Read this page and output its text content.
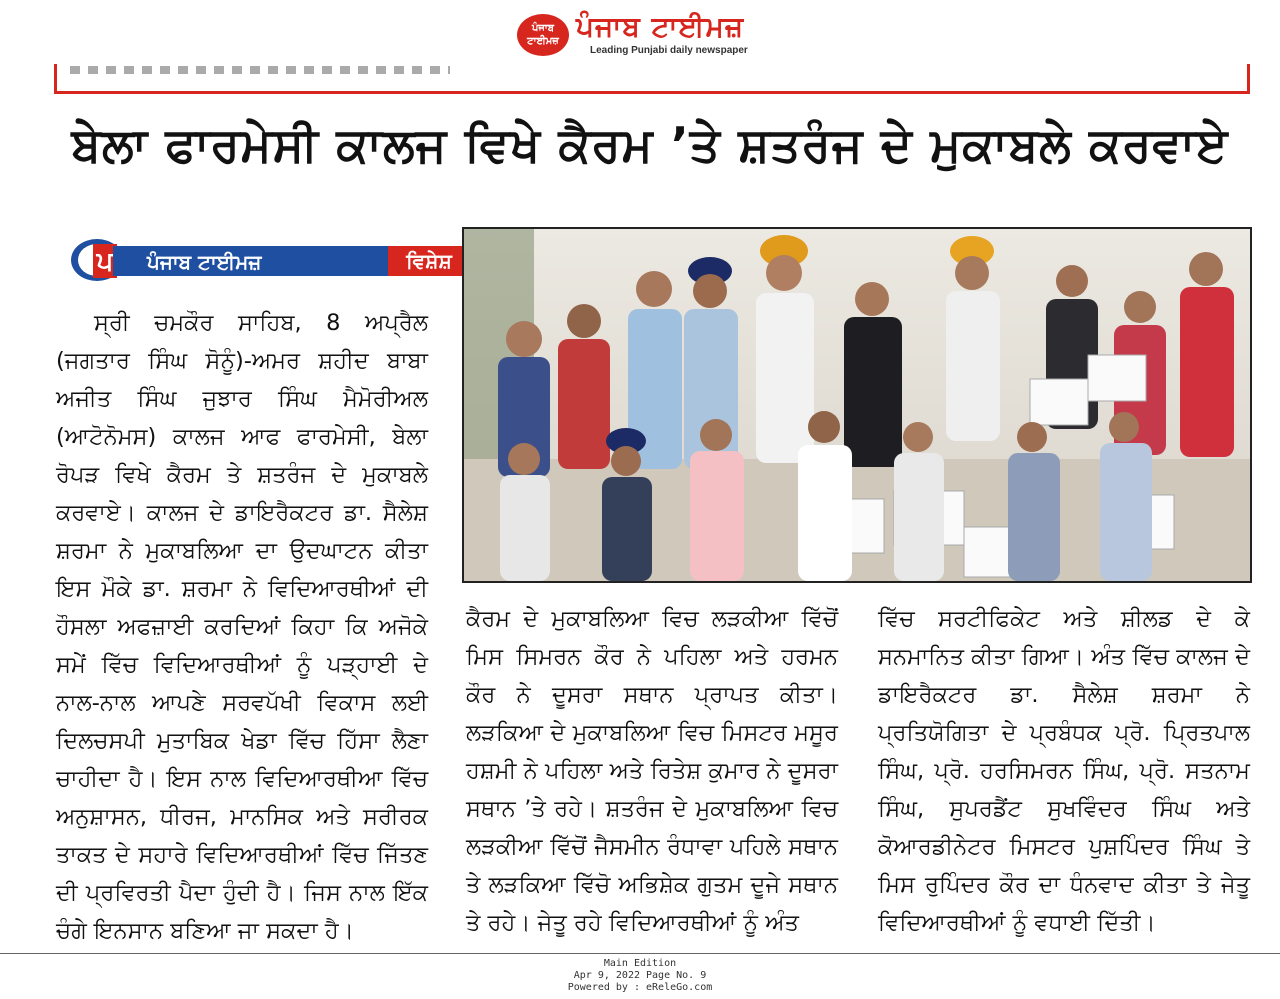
ਪੰਜਾਬ
ਟਾਈਮਜ਼ ਪੰਜਾਬ ਟਾਈਮਜ਼
Leading Punjabi daily newspaper
ਬੇਲਾ ਫਾਰਮੇਸੀ ਕਾਲਜ ਵਿਖੇ ਕੈਰਮ ’ਤੇ ਸ਼ਤਰੰਜ ਦੇ ਮੁਕਾਬਲੇ ਕਰਵਾਏ
ਪ ਪੰਜਾਬ ਟਾਈਮਜ਼	ਵਿਸ਼ੇਸ਼

ਸ੍ਰੀ ਚਮਕੌਰ ਸਾਹਿਬ, 8 ਅਪ੍ਰੈਲ (ਜਗਤਾਰ ਸਿੰਘ ਸੋਨੂੰ)-ਅਮਰ ਸ਼ਹੀਦ ਬਾਬਾ ਅਜੀਤ ਸਿੰਘ ਜੁਝਾਰ ਸਿੰਘ ਮੈਮੋਰੀਅਲ (ਆਟੋਨੋਮਸ) ਕਾਲਜ ਆਫ ਫਾਰਮੇਸੀ, ਬੇਲਾ ਰੋਪੜ ਵਿਖੇ ਕੈਰਮ ਤੇ ਸ਼ਤਰੰਜ ਦੇ ਮੁਕਾਬਲੇ ਕਰਵਾਏ। ਕਾਲਜ ਦੇ ਡਾਇਰੈਕਟਰ ਡਾ. ਸੈਲੇਸ਼ ਸ਼ਰਮਾ ਨੇ ਮੁਕਾਬਲਿਆ ਦਾ ਉਦਘਾਟਨ ਕੀਤਾ ਇਸ ਮੌਕੇ ਡਾ. ਸ਼ਰਮਾ ਨੇ ਵਿਦਿਆਰਥੀਆਂ ਦੀ ਹੌਸਲਾ ਅਫਜ਼ਾਈ ਕਰਦਿਆਂ ਕਿਹਾ ਕਿ ਅਜੋਕੇ ਸਮੇਂ ਵਿੱਚ ਵਿਦਿਆਰਥੀਆਂ ਨੂੰ ਪੜ੍ਹਾਈ ਦੇ ਨਾਲ-ਨਾਲ ਆਪਣੇ ਸਰਵਪੱਖੀ ਵਿਕਾਸ ਲਈ ਦਿਲਚਸਪੀ ਮੁਤਾਬਿਕ ਖੇਡਾ ਵਿੱਚ ਹਿੱਸਾ ਲੈਣਾ ਚਾਹੀਦਾ ਹੈ। ਇਸ ਨਾਲ ਵਿਦਿਆਰਥੀਆ ਵਿੱਚ ਅਨੁਸ਼ਾਸਨ, ਧੀਰਜ, ਮਾਨਸਿਕ ਅਤੇ ਸਰੀਰਕ ਤਾਕਤ ਦੇ ਸਹਾਰੇ ਵਿਦਿਆਰਥੀਆਂ ਵਿੱਚ ਜਿੱਤਣ ਦੀ ਪ੍ਰਵਿਰਤੀ ਪੈਦਾ ਹੁੰਦੀ ਹੈ। ਜਿਸ ਨਾਲ ਇੱਕ ਚੰਗੇ ਇਨਸਾਨ ਬਣਿਆ ਜਾ ਸਕਦਾ ਹੈ।

ਕੈਰਮ ਦੇ ਮੁਕਾਬਲਿਆ ਵਿਚ ਲੜਕੀਆ ਵਿੱਚੋਂ ਮਿਸ ਸਿਮਰਨ ਕੌਰ ਨੇ ਪਹਿਲਾ ਅਤੇ ਹਰਮਨ ਕੌਰ ਨੇ ਦੂਸਰਾ ਸਥਾਨ ਪ੍ਰਾਪਤ ਕੀਤਾ। ਲੜਕਿਆ ਦੇ ਮੁਕਾਬਲਿਆ ਵਿਚ ਮਿਸਟਰ ਮਸੂਰ ਹਸ਼ਮੀ ਨੇ ਪਹਿਲਾ ਅਤੇ ਰਿਤੇਸ਼ ਕੁਮਾਰ ਨੇ ਦੂਸਰਾ ਸਥਾਨ ’ਤੇ ਰਹੇ। ਸ਼ਤਰੰਜ ਦੇ ਮੁਕਾਬਲਿਆ ਵਿਚ ਲੜਕੀਆ ਵਿੱਚੋਂ ਜੈਸਮੀਨ ਰੰਧਾਵਾ ਪਹਿਲੇ ਸਥਾਨ ਤੇ ਲੜਕਿਆ ਵਿੱਚੋ ਅਭਿਸ਼ੇਕ ਗੁਤਮ ਦੂਜੇ ਸਥਾਨ ਤੇ ਰਹੇ। ਜੇਤੂ ਰਹੇ ਵਿਦਿਆਰਥੀਆਂ ਨੂੰ ਅੰਤ

ਵਿੱਚ ਸਰਟੀਫਿਕੇਟ ਅਤੇ ਸ਼ੀਲਡ ਦੇ ਕੇ ਸਨਮਾਨਿਤ ਕੀਤਾ ਗਿਆ। ਅੰਤ ਵਿੱਚ ਕਾਲਜ ਦੇ ਡਾਇਰੈਕਟਰ ਡਾ. ਸੈਲੇਸ਼ ਸ਼ਰਮਾ ਨੇ ਪ੍ਰਤਿਯੋਗਿਤਾ ਦੇ ਪ੍ਰਬੰਧਕ ਪ੍ਰੋ. ਪ੍ਰਿਤਪਾਲ ਸਿੰਘ, ਪ੍ਰੋ. ਹਰਸਿਮਰਨ ਸਿੰਘ, ਪ੍ਰੋ. ਸਤਨਾਮ ਸਿੰਘ, ਸੁਪਰਡੈਂਟ ਸੁਖਵਿੰਦਰ ਸਿੰਘ ਅਤੇ ਕੋਆਰਡੀਨੇਟਰ ਮਿਸਟਰ ਪੁਸ਼ਪਿੰਦਰ ਸਿੰਘ ਤੇ ਮਿਸ ਰੁਪਿੰਦਰ ਕੌਰ ਦਾ ਧੰਨਵਾਦ ਕੀਤਾ ਤੇ ਜੇਤੂ ਵਿਦਿਆਰਥੀਆਂ ਨੂੰ ਵਧਾਈ ਦਿੱਤੀ।

Main Edition
Apr 9, 2022 Page No. 9
Powered by : eReleGo.com
